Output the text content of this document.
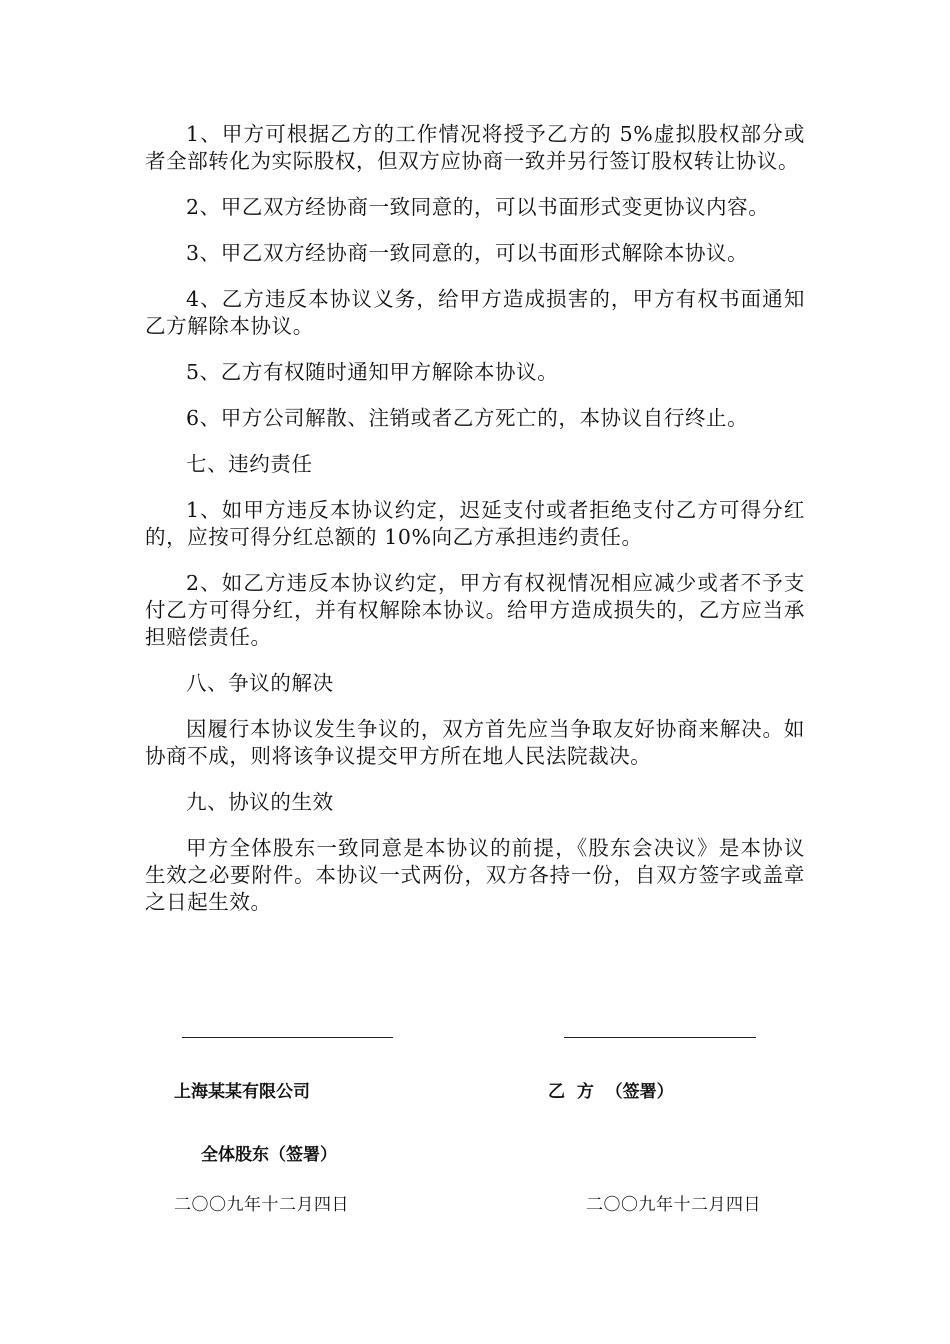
1、甲方可根据乙方的工作情况将授予乙方的 5%虚拟股权部分或者全部转化为实际股权，但双方应协商一致并另行签订股权转让协议。

2、甲乙双方经协商一致同意的，可以书面形式变更协议内容。

3、甲乙双方经协商一致同意的，可以书面形式解除本协议。

4、乙方违反本协议义务，给甲方造成损害的，甲方有权书面通知乙方解除本协议。

5、乙方有权随时通知甲方解除本协议。

6、甲方公司解散、注销或者乙方死亡的，本协议自行终止。

七、违约责任

1、如甲方违反本协议约定，迟延支付或者拒绝支付乙方可得分红的，应按可得分红总额的 10%向乙方承担违约责任。

2、如乙方违反本协议约定，甲方有权视情况相应减少或者不予支付乙方可得分红，并有权解除本协议。给甲方造成损失的，乙方应当承担赔偿责任。

八、争议的解决

因履行本协议发生争议的，双方首先应当争取友好协商来解决。如协商不成，则将该争议提交甲方所在地人民法院裁决。

九、协议的生效

甲方全体股东一致同意是本协议的前提，《股东会决议》是本协议生效之必要附件。本协议一式两份，双方各持一份，自双方签字或盖章之日起生效。

上海某某有限公司	乙  方  （签署）
全体股东（签署）
二〇〇九年十二月四日	二〇〇九年十二月四日
